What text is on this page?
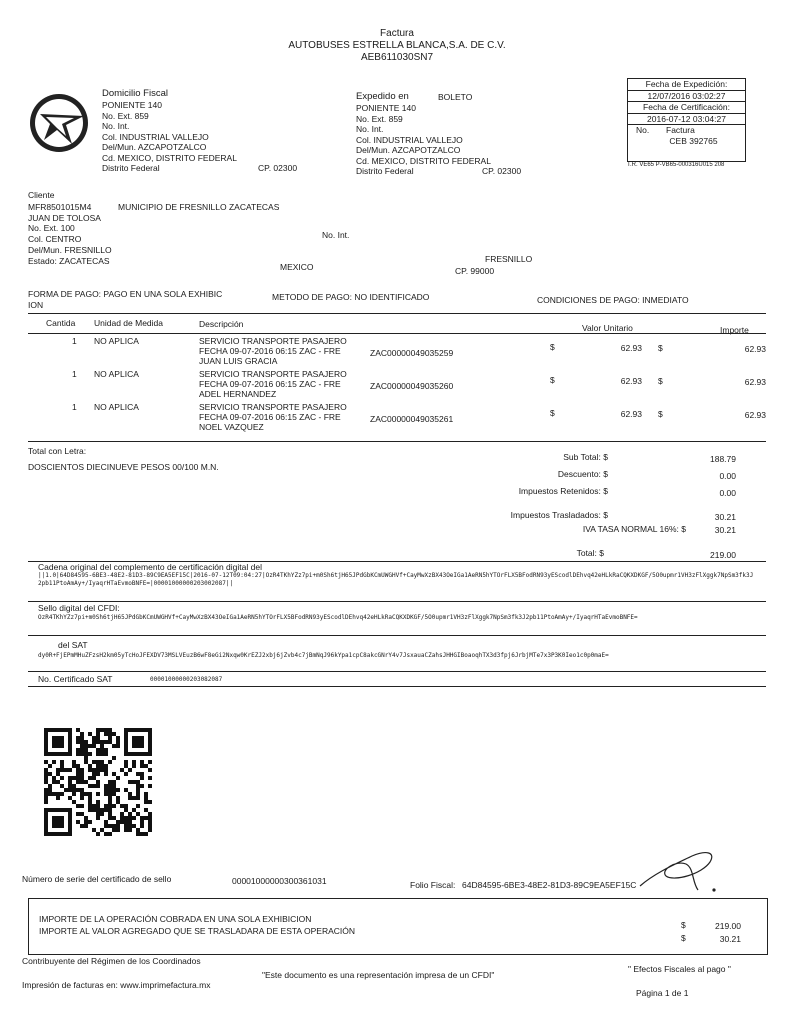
Factura
AUTOBUSES ESTRELLA BLANCA,S.A. DE C.V.
AEB611030SN7
Domicilio Fiscal
PONIENTE 140
No. Ext. 859
No. Int.
Col. INDUSTRIAL VALLEJO
Del/Mun. AZCAPOTZALCO
Cd. MEXICO, DISTRITO FEDERAL
Distrito Federal	CP. 02300
Expedido en	BOLETO
PONIENTE 140
No. Ext. 859
No. Int.
Col. INDUSTRIAL VALLEJO
Del/Mun. AZCAPOTZALCO
Cd. MEXICO, DISTRITO FEDERAL
Distrito Federal	CP. 02300
Fecha de Expedición:
12/07/2016 03:02:27
Fecha de Certificación:
2016-07-12 03:04:27
No. Factura
CEB 392765
T.R. VE65 P-VB65-000316U015 208
Cliente
MFR8501015M4	MUNICIPIO DE FRESNILLO ZACATECAS
JUAN DE TOLOSA
No. Ext. 100
No. Int.
Col. CENTRO
Del/Mun. FRESNILLO
FRESNILLO
Estado: ZACATECAS
MEXICO	CP. 99000
FORMA DE PAGO: PAGO EN UNA SOLA EXHIBICION
METODO DE PAGO: NO IDENTIFICADO	CONDICIONES DE PAGO: INMEDIATO
Cantida Unidad de Medida	Descripción	Valor Unitario	Importe
1 NO APLICA	SERVICIO TRANSPORTE PASAJERO
FECHA 09-07-2016 06:15 ZAC - FRE	ZAC00000049035259
JUAN LUIS GRACIA
$	62.93 $	62.93
1 NO APLICA	SERVICIO TRANSPORTE PASAJERO
FECHA 09-07-2016 06:15 ZAC - FRE	ZAC00000049035260
ADEL HERNANDEZ
$	62.93 $	62.93
1 NO APLICA	SERVICIO TRANSPORTE PASAJERO
FECHA 09-07-2016 06:15 ZAC - FRE	ZAC00000049035261
NOEL VAZQUEZ
$	62.93 $	62.93
Total con Letra:
DOSCIENTOS DIECINUEVE PESOS 00/100 M.N.
Sub Total: $	188.79
Descuento: $	0.00
Impuestos Retenidos: $	0.00
Impuestos Trasladados: $	30.21
IVA TASA NORMAL 16%: $	30.21
Total: $	219.00
Cadena original del complemento de certificación digital del
||1.0|64D84595-6BE3-48E2-81D3-89C9EA5EF15C|2016-07-12T09:04:27|OzR4TKhYZz7pi+m0Sh6tjH65JPdGbKCmUWGHVf+CayMwXzBX43OeIGa1AeRN5hYTOrFLX5BFodRN93yEScodlDEhvq42eHLkRaCQKXDKGF/5O0upmr1VH3zFlXggk7NpSm3fk3J2pb11PtoAmAy+/IyaqrHTaEvmoBNFE=|00001000000203002087||
Sello digital del CFDI:
OzR4TKhYZz7pi+m0Sh6tjH65JPdGbKCmUWGHVf+CayMwXzBX43OeIGa1AeRN5hYTOrFLX5BFodRN93yEScodlDEhvq42eHLkRaCQKXDKGF/5O0upmr1VH3zFlXggk7NpSm3fk3J2pb11PtoAmAy+/IyaqrHTaEvmoBNFE=
del SAT
dy0R+FjEPmMHuZFzsH2km05yTcHoJFEXDV73MSLVEuzB6wF8eGi2Nxqw0KrEZJ2xbj6jZvb4c7jBmNqJ96kYpa1cpC8akcGNrY4v7JsxauaCZahsJHHGIBoaoqhTX3d3fpj6JrbjMTe7x3P3K0Ieo1c0p0maE=
No. Certificado SAT	00001000000203082087
Número de serie del certificado de sello	00001000000300361031	Folio Fiscal: 64D84595-6BE3-48E2-81D3-89C9EA5EF15C
IMPORTE DE LA OPERACIÓN COBRADA EN UNA SOLA EXHIBICION
IMPORTE AL VALOR AGREGADO QUE SE TRASLADARA DE ESTA OPERACIÓN
$	219.00
$	30.21
Contribuyente del Régimen de los Coordinados
"Este documento es una representación impresa de un CFDI"
" Efectos Fiscales al pago "
Impresión de facturas en: www.imprimefactura.mx
Página 1 de 1
